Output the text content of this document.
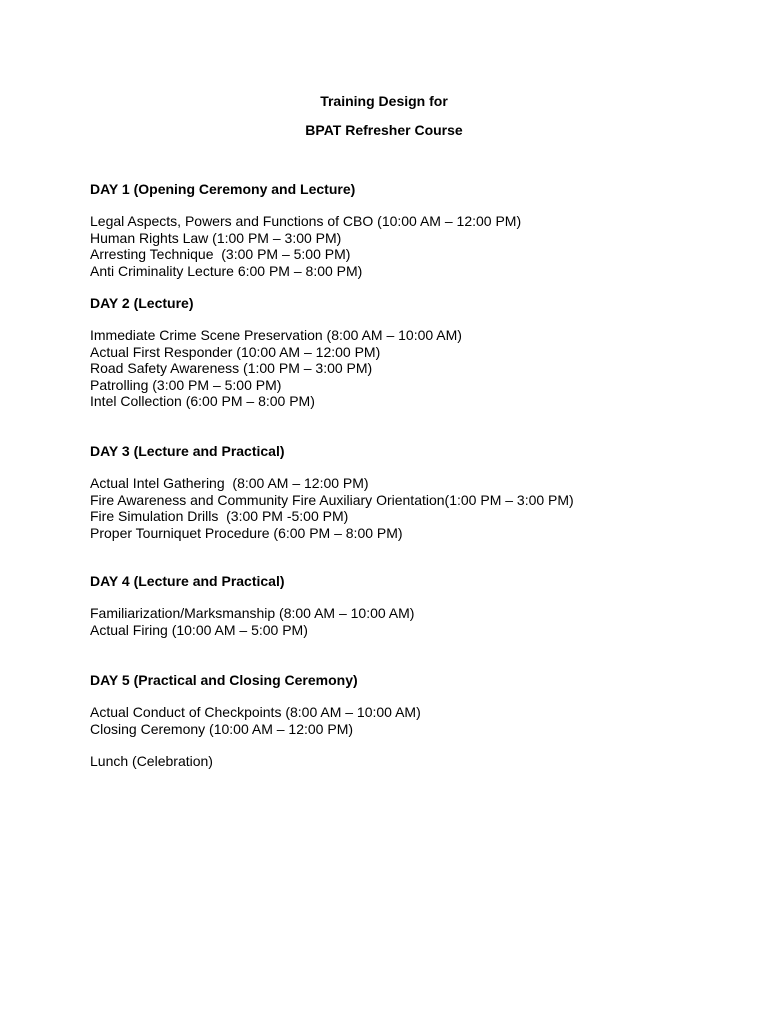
Training Design for
BPAT Refresher Course
DAY 1 (Opening Ceremony and Lecture)
Legal Aspects, Powers and Functions of CBO (10:00 AM – 12:00 PM)
Human Rights Law (1:00 PM – 3:00 PM)
Arresting Technique  (3:00 PM – 5:00 PM)
Anti Criminality Lecture 6:00 PM – 8:00 PM)
DAY 2 (Lecture)
Immediate Crime Scene Preservation (8:00 AM – 10:00 AM)
Actual First Responder (10:00 AM – 12:00 PM)
Road Safety Awareness (1:00 PM – 3:00 PM)
Patrolling (3:00 PM – 5:00 PM)
Intel Collection (6:00 PM – 8:00 PM)
DAY 3 (Lecture and Practical)
Actual Intel Gathering  (8:00 AM – 12:00 PM)
Fire Awareness and Community Fire Auxiliary Orientation(1:00 PM – 3:00 PM)
Fire Simulation Drills  (3:00 PM -5:00 PM)
Proper Tourniquet Procedure (6:00 PM – 8:00 PM)
DAY 4 (Lecture and Practical)
Familiarization/Marksmanship (8:00 AM – 10:00 AM)
Actual Firing (10:00 AM – 5:00 PM)
DAY 5 (Practical and Closing Ceremony)
Actual Conduct of Checkpoints (8:00 AM – 10:00 AM)
Closing Ceremony (10:00 AM – 12:00 PM)
Lunch (Celebration)
